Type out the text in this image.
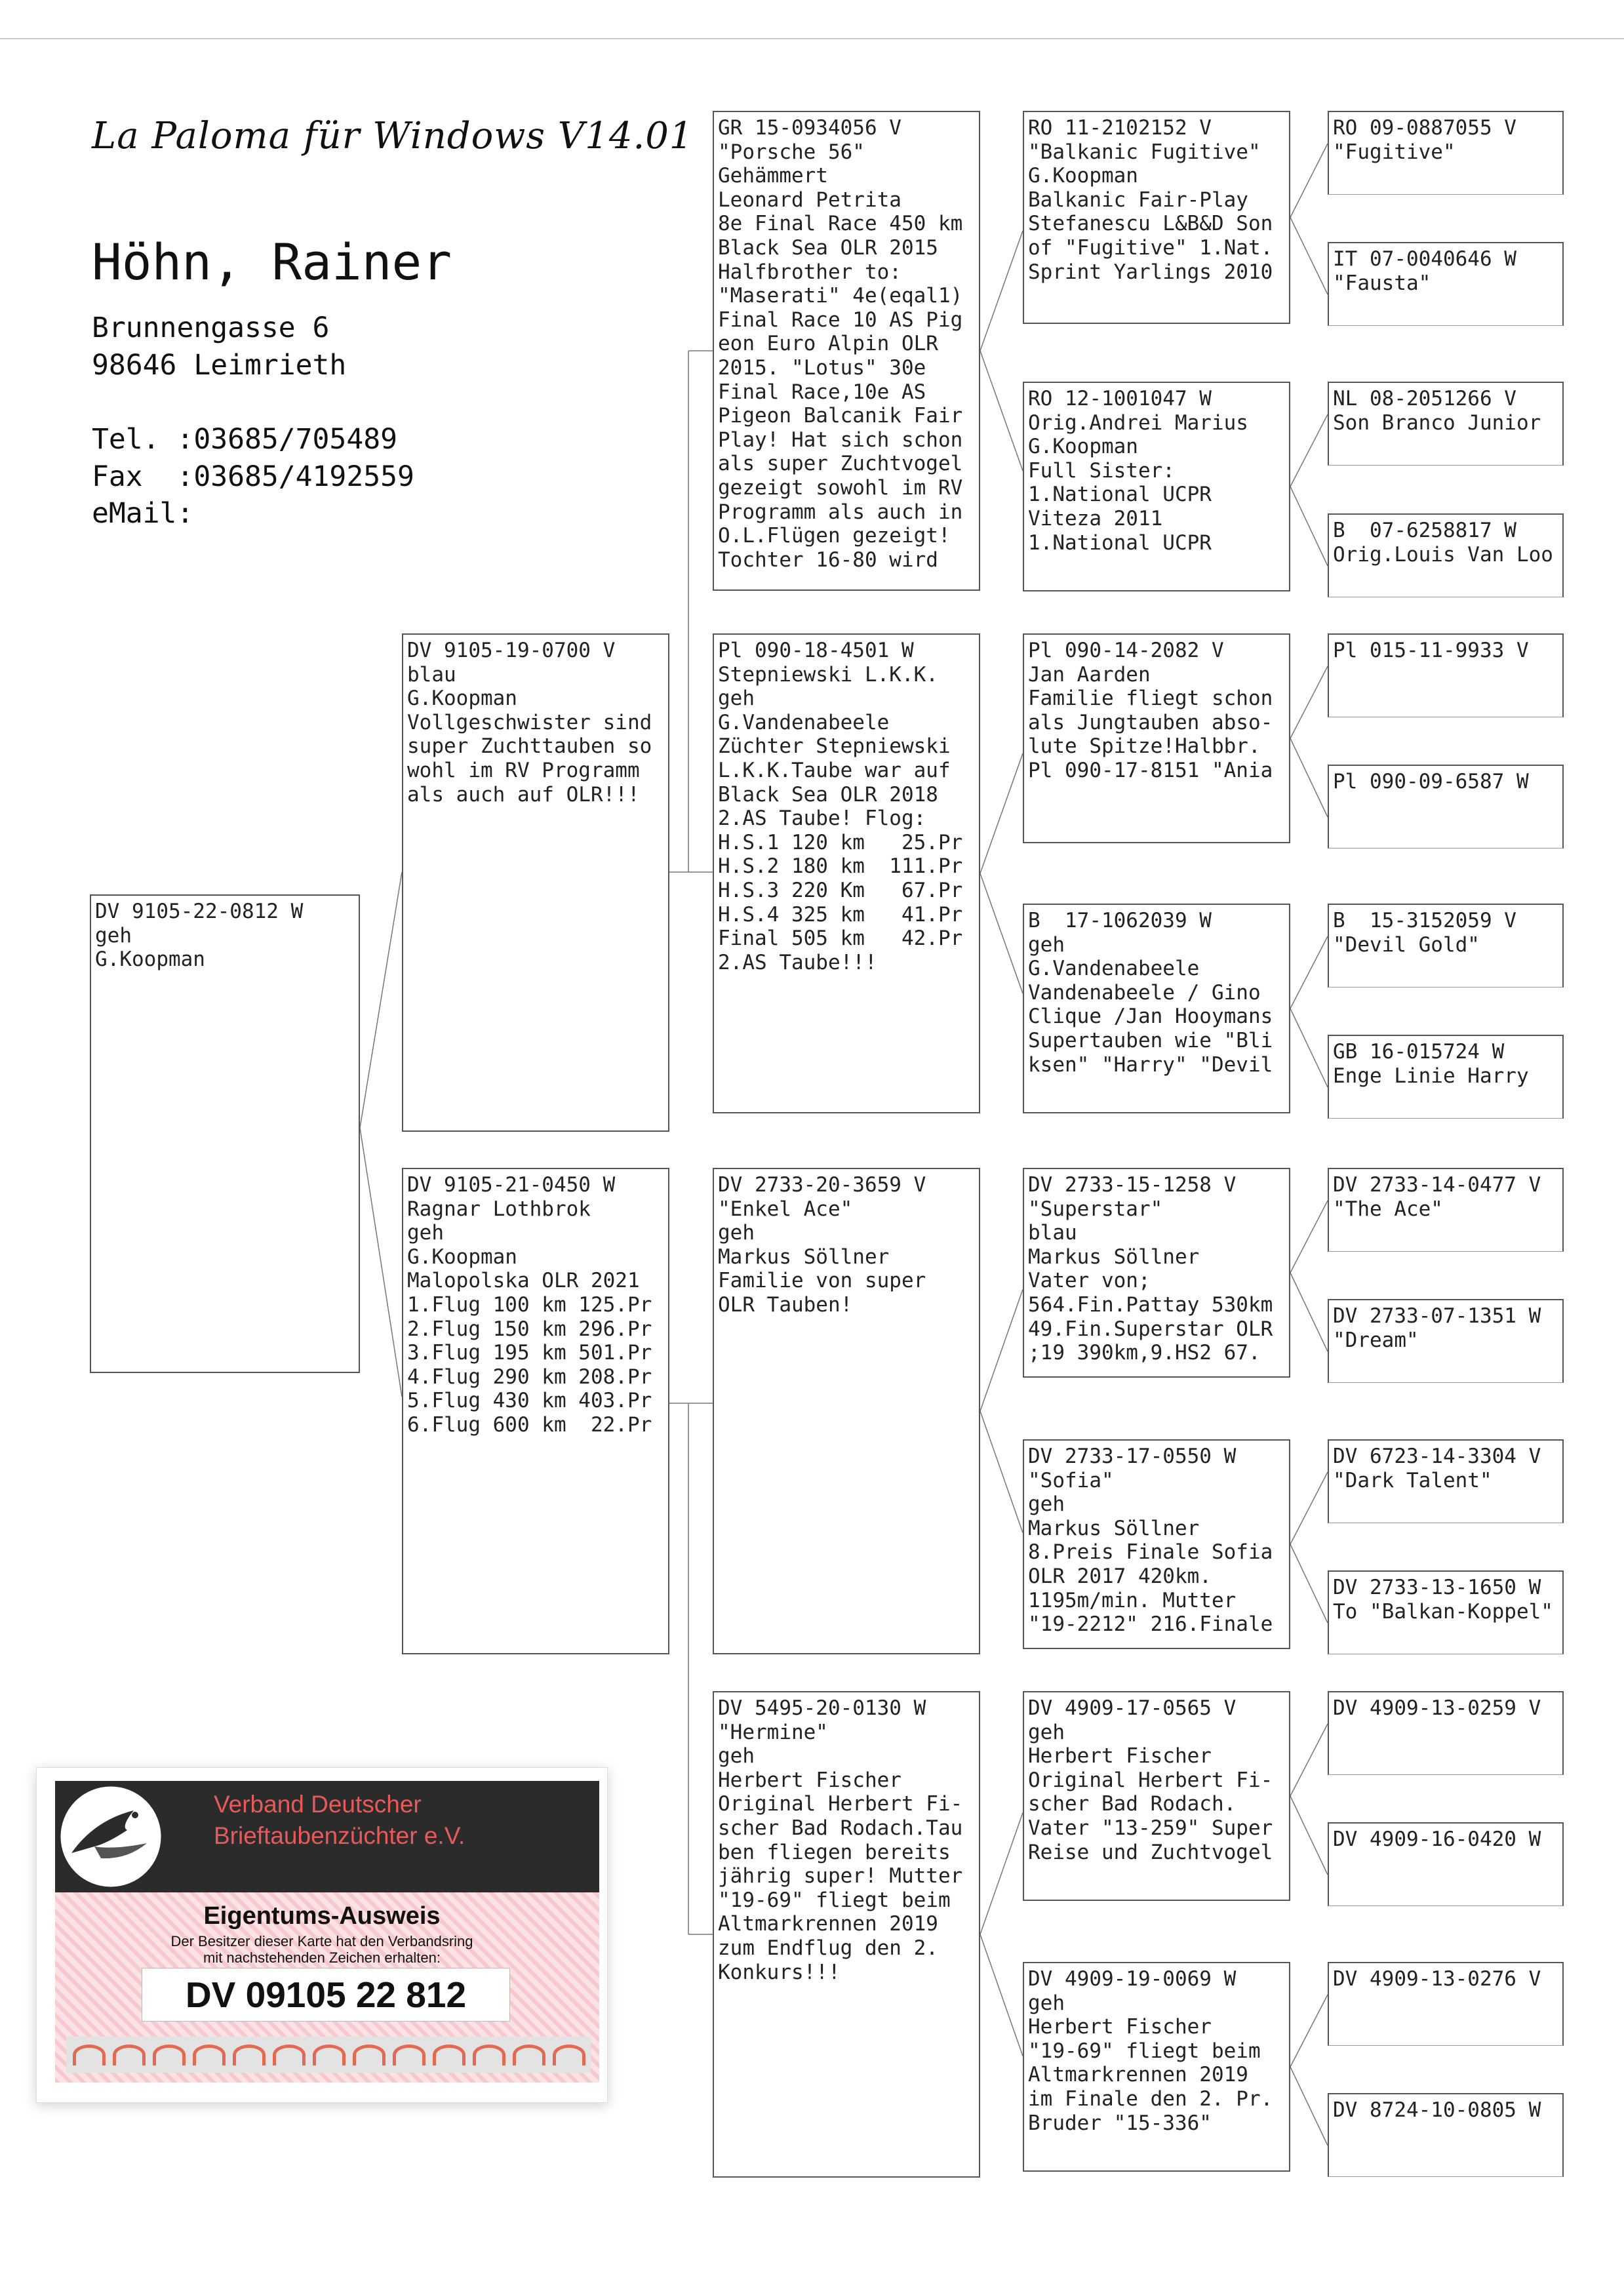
La Paloma für Windows V14.01
Höhn, Rainer
Brunnengasse 6
98646 Leimrieth
Tel. :03685/705489
Fax  :03685/4192559
eMail:
DV 9105-22-0812 W
geh
G.Koopman
DV 9105-19-0700 V
blau
G.Koopman
Vollgeschwister sind
super Zuchttauben so
wohl im RV Programm
als auch auf OLR!!!
DV 9105-21-0450 W
Ragnar Lothbrok
geh
G.Koopman
Malopolska OLR 2021
1.Flug 100 km 125.Pr
2.Flug 150 km 296.Pr
3.Flug 195 km 501.Pr
4.Flug 290 km 208.Pr
5.Flug 430 km 403.Pr
6.Flug 600 km  22.Pr
GR 15-0934056 V
"Porsche 56"
Gehämmert
Leonard Petrita
8e Final Race 450 km
Black Sea OLR 2015
Halfbrother to:
"Maserati" 4e(eqal1)
Final Race 10 AS Pig
eon Euro Alpin OLR
2015. "Lotus" 30e
Final Race,10e AS
Pigeon Balcanik Fair
Play! Hat sich schon
als super Zuchtvogel
gezeigt sowohl im RV
Programm als auch in
O.L.Flügen gezeigt!
Tochter 16-80 wird
Pl 090-18-4501 W
Stepniewski L.K.K.
geh
G.Vandenabeele
Züchter Stepniewski
L.K.K.Taube war auf
Black Sea OLR 2018
2.AS Taube! Flog:
H.S.1 120 km   25.Pr
H.S.2 180 km  111.Pr
H.S.3 220 Km   67.Pr
H.S.4 325 km   41.Pr
Final 505 km   42.Pr
2.AS Taube!!!
DV 2733-20-3659 V
"Enkel Ace"
geh
Markus Söllner
Familie von super
OLR Tauben!
DV 5495-20-0130 W
"Hermine"
geh
Herbert Fischer
Original Herbert Fi-
scher Bad Rodach.Tau
ben fliegen bereits
jährig super! Mutter
"19-69" fliegt beim
Altmarkrennen 2019
zum Endflug den 2.
Konkurs!!!
RO 11-2102152 V
"Balkanic Fugitive"
G.Koopman
Balkanic Fair-Play
Stefanescu L&B&D Son
of "Fugitive" 1.Nat.
Sprint Yarlings 2010
RO 12-1001047 W
Orig.Andrei Marius
G.Koopman
Full Sister:
1.National UCPR
Viteza 2011
1.National UCPR
Pl 090-14-2082 V
Jan Aarden
Familie fliegt schon
als Jungtauben abso-
lute Spitze!Halbbr.
Pl 090-17-8151 "Ania
B  17-1062039 W
geh
G.Vandenabeele
Vandenabeele / Gino
Clique /Jan Hooymans
Supertauben wie "Bli
ksen" "Harry" "Devil
DV 2733-15-1258 V
"Superstar"
blau
Markus Söllner
Vater von;
564.Fin.Pattay 530km
49.Fin.Superstar OLR
;19 390km,9.HS2 67.
DV 2733-17-0550 W
"Sofia"
geh
Markus Söllner
8.Preis Finale Sofia
OLR 2017 420km.
1195m/min. Mutter
"19-2212" 216.Finale
DV 4909-17-0565 V
geh
Herbert Fischer
Original Herbert Fi-
scher Bad Rodach.
Vater "13-259" Super
Reise und Zuchtvogel
DV 4909-19-0069 W
geh
Herbert Fischer
"19-69" fliegt beim
Altmarkrennen 2019
im Finale den 2. Pr.
Bruder "15-336"
RO 09-0887055 V
"Fugitive"
IT 07-0040646 W
"Fausta"
NL 08-2051266 V
Son Branco Junior
B  07-6258817 W
Orig.Louis Van Loo
Pl 015-11-9933 V
Pl 090-09-6587 W
B  15-3152059 V
"Devil Gold"
GB 16-015724 W
Enge Linie Harry
DV 2733-14-0477 V
"The Ace"
DV 2733-07-1351 W
"Dream"
DV 6723-14-3304 V
"Dark Talent"
DV 2733-13-1650 W
To "Balkan-Koppel"
DV 4909-13-0259 V
DV 4909-16-0420 W
DV 4909-13-0276 V
DV 8724-10-0805 W
Verband Deutscher
Brieftaubenzüchter e.V.
Eigentums-Ausweis
Der Besitzer dieser Karte hat den Verbandsring
mit nachstehenden Zeichen erhalten:
DV 09105 22 812
